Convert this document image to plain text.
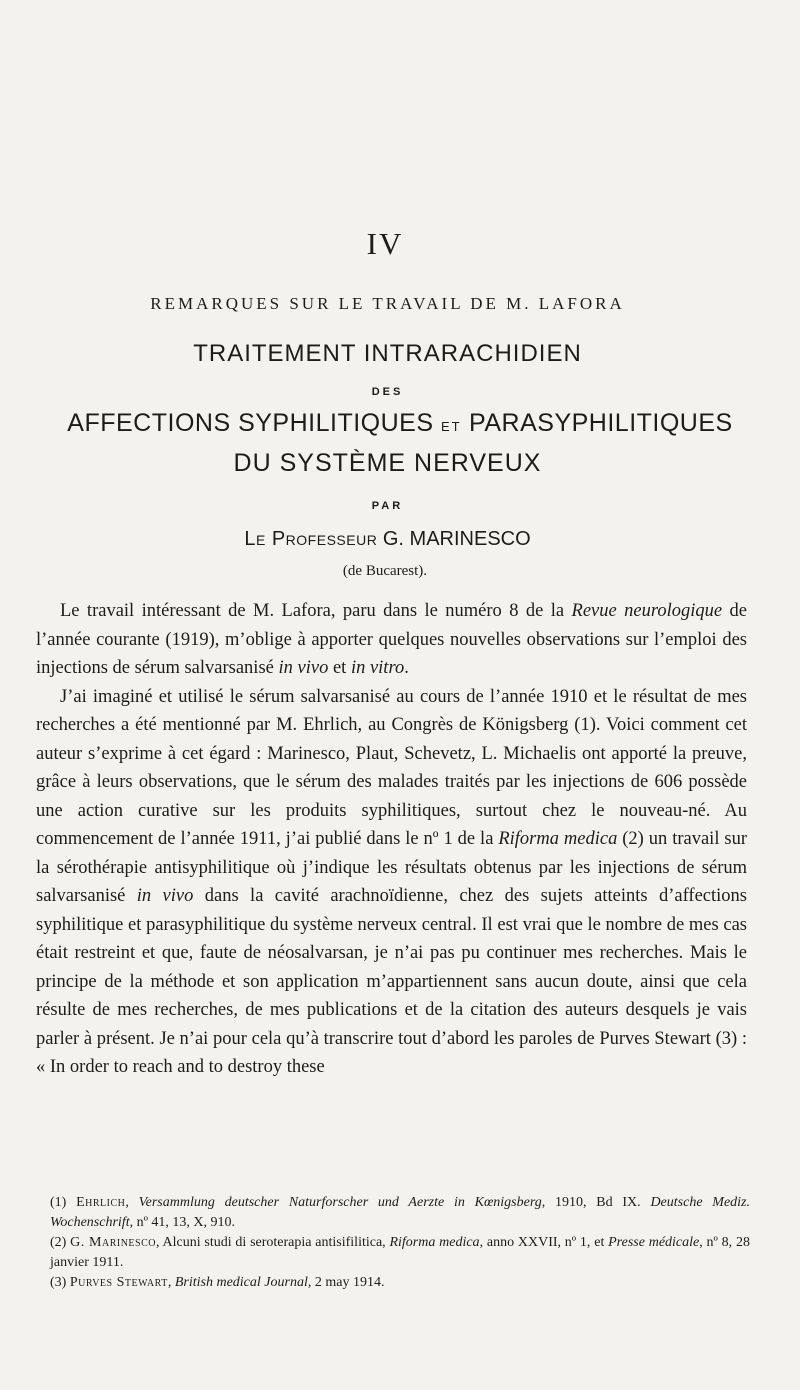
IV
REMARQUES SUR LE TRAVAIL DE M. LAFORA
TRAITEMENT INTRARACHIDIEN
DES
AFFECTIONS SYPHILITIQUES ET PARASYPHILITIQUES
DU SYSTÈME NERVEUX
PAR
Le Professeur G. MARINESCO
(de Bucarest).

Le travail intéressant de M. Lafora, paru dans le numéro 8 de la Revue neurologique de l’année courante (1919), m’oblige à apporter quelques nouvelles observations sur l’emploi des injections de sérum salvarsanisé in vivo et in vitro.

J’ai imaginé et utilisé le sérum salvarsanisé au cours de l’année 1910 et le résultat de mes recherches a été mentionné par M. Ehrlich, au Congrès de Königsberg (1). Voici comment cet auteur s’exprime à cet égard : Marinesco, Plaut, Schevetz, L. Michaelis ont apporté la preuve, grâce à leurs observations, que le sérum des malades traités par les injections de 606 possède une action curative sur les produits syphilitiques, surtout chez le nouveau-né. Au commencement de l’année 1911, j’ai publié dans le nº 1 de la Riforma medica (2) un travail sur la sérothérapie antisyphilitique où j’indique les résultats obtenus par les injections de sérum salvarsanisé in vivo dans la cavité arachnoïdienne, chez des sujets atteints d’affections syphilitique et parasyphilitique du système nerveux central. Il est vrai que le nombre de mes cas était restreint et que, faute de néosalvarsan, je n’ai pas pu continuer mes recherches. Mais le principe de la méthode et son application m’appartiennent sans aucun doute, ainsi que cela résulte de mes recherches, de mes publications et de la citation des auteurs desquels je vais parler à présent. Je n’ai pour cela qu’à transcrire tout d’abord les paroles de Purves Stewart (3) : « In order to reach and to destroy these

(1) Ehrlich, Versammlung deutscher Naturforscher und Aerzte in Kœnigsberg, 1910, Bd IX. Deutsche Mediz. Wochenschrift, nº 41, 13, X, 910.

(2) G. Marinesco, Alcuni studi di seroterapia antisifilitica, Riforma medica, anno XXVII, nº 1, et Presse médicale, nº 8, 28 janvier 1911.

(3) Purves Stewart, British medical Journal, 2 may 1914.
